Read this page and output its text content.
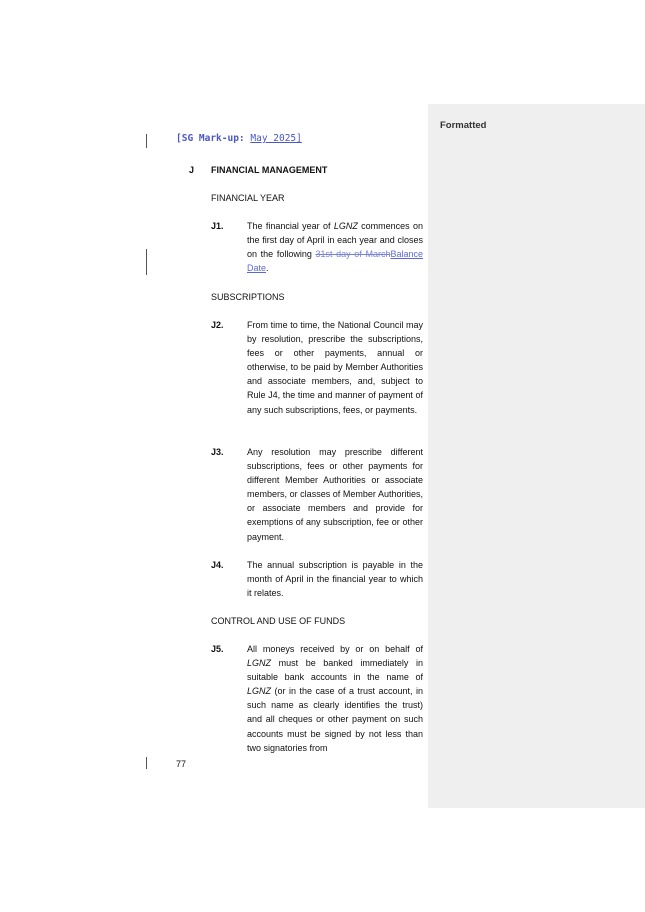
Formatted
[SG Mark-up: May 2025]
J FINANCIAL MANAGEMENT
FINANCIAL YEAR
J1.	The financial year of LGNZ commences on the first day of April in each year and closes on the following 31st day of MarchBalance Date.
SUBSCRIPTIONS
J2.	From time to time, the National Council may by resolution, prescribe the subscriptions, fees or other payments, annual or otherwise, to be paid by Member Authorities and associate members, and, subject to Rule J4, the time and manner of payment of any such subscriptions, fees, or payments.
J3.	Any resolution may prescribe different subscriptions, fees or other payments for different Member Authorities or associate members, or classes of Member Authorities, or associate members and provide for exemptions of any subscription, fee or other payment.
J4.	The annual subscription is payable in the month of April in the financial year to which it relates.
CONTROL AND USE OF FUNDS
J5.	All moneys received by or on behalf of LGNZ must be banked immediately in suitable bank accounts in the name of LGNZ (or in the case of a trust account, in such name as clearly identifies the trust) and all cheques or other payment on such accounts must be signed by not less than two signatories from
77
